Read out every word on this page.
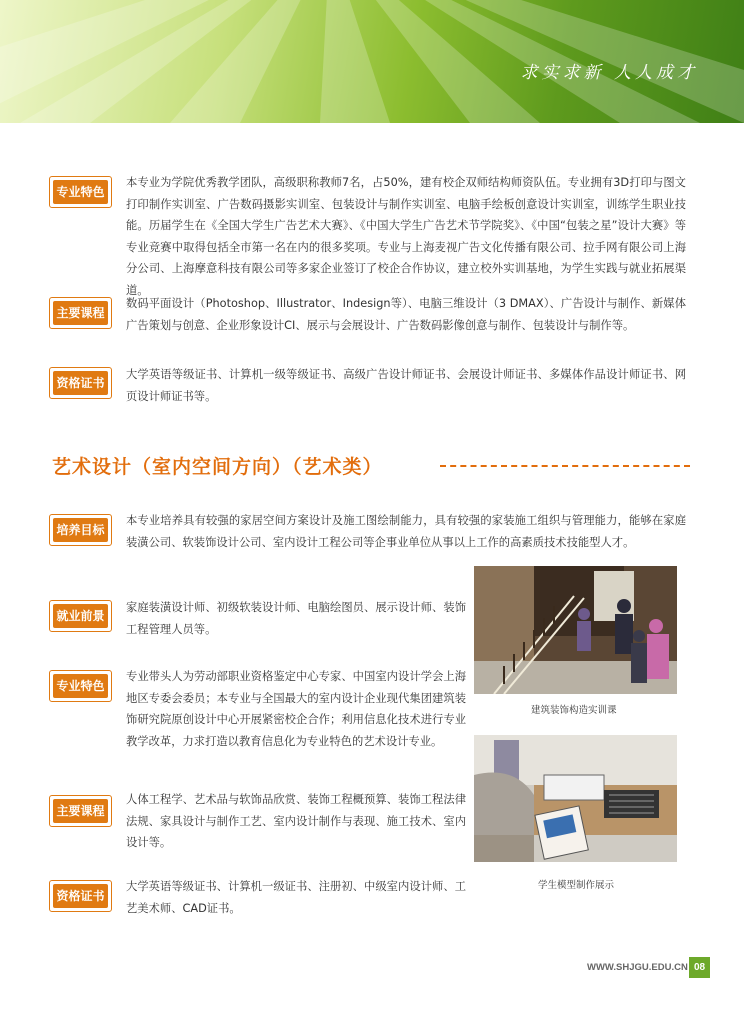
求实求新 人人成才
专业特色
本专业为学院优秀教学团队，高级职称教师7名，占50%，建有校企双师结构师资队伍。专业拥有3D打印与图文打印制作实训室、广告数码摄影实训室、包装设计与制作实训室、电脑手绘板创意设计实训室，训练学生职业技能。历届学生在《全国大学生广告艺术大赛》、《中国大学生广告艺术节学院奖》、《中国“包装之星”设计大赛》等专业竞赛中取得包括全市第一名在内的很多奖项。专业与上海麦视广告文化传播有限公司、拉手网有限公司上海分公司、上海摩意科技有限公司等多家企业签订了校企合作协议，建立校外实训基地，为学生实践与就业拓展渠道。
主要课程
数码平面设计（Photoshop、Illustrator、Indesign等）、电脑三维设计（3 DMAX）、广告设计与制作、新媒体广告策划与创意、企业形象设计CI、展示与会展设计、广告数码影像创意与制作、包装设计与制作等。
资格证书
大学英语等级证书、计算机一级等级证书、高级广告设计师证书、会展设计师证书、多媒体作品设计师证书、网页设计师证书等。
艺术设计（室内空间方向）（艺术类）
培养目标
本专业培养具有较强的家居空间方案设计及施工图绘制能力，具有较强的家装施工组织与管理能力，能够在家庭装潢公司、软装饰设计公司、室内设计工程公司等企事业单位从事以上工作的高素质技术技能型人才。
就业前景
家庭装潢设计师、初级软装设计师、电脑绘图员、展示设计师、装饰工程管理人员等。
专业特色
专业带头人为劳动部职业资格鉴定中心专家、中国室内设计学会上海地区专委会委员；本专业与全国最大的室内设计企业现代集团建筑装饰研究院原创设计中心开展紧密校企合作；利用信息化技术进行专业教学改革，力求打造以教育信息化为专业特色的艺术设计专业。
主要课程
人体工程学、艺术品与软饰品欣赏、装饰工程概预算、装饰工程法律法规、家具设计与制作工艺、室内设计制作与表现、施工技术、室内设计等。
资格证书
大学英语等级证书、计算机一级证书、注册初、中级室内设计师、工艺美术师、CAD证书。
建筑装饰构造实训课
学生模型制作展示
WWW.SHJGU.EDU.CN 08
